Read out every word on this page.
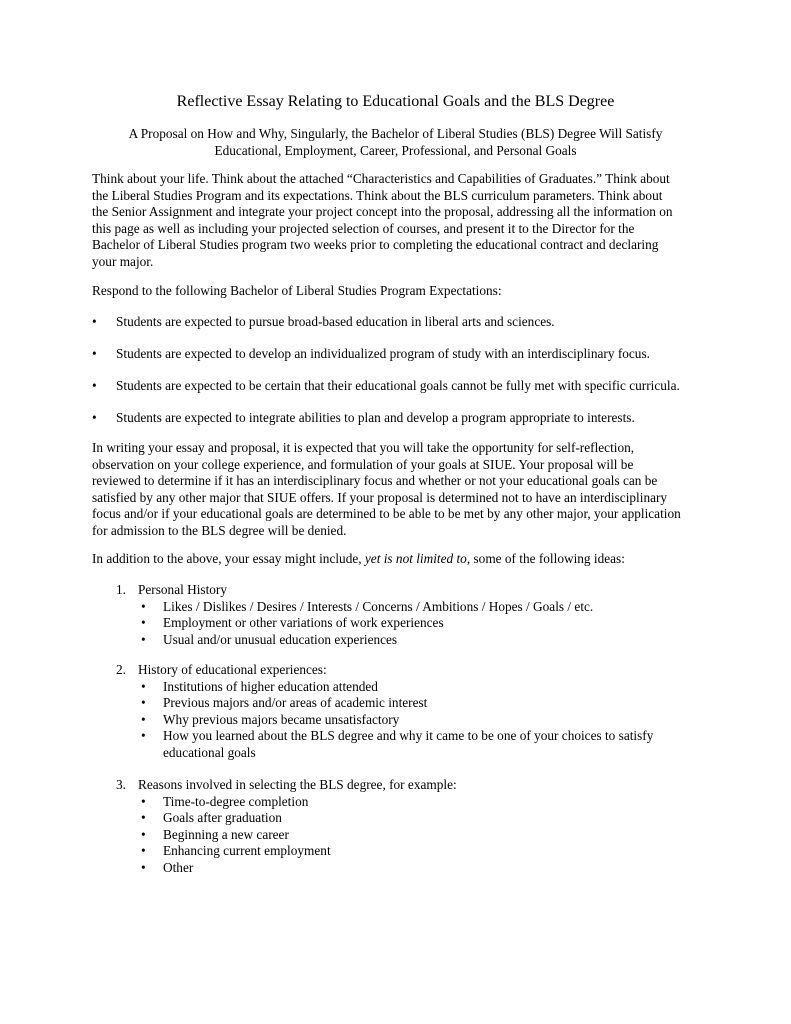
Reflective Essay Relating to Educational Goals and the BLS Degree
A Proposal on How and Why, Singularly, the Bachelor of Liberal Studies (BLS) Degree Will Satisfy
Educational, Employment, Career, Professional, and Personal Goals
Think about your life. Think about the attached “Characteristics and Capabilities of Graduates.” Think about
the Liberal Studies Program and its expectations. Think about the BLS curriculum parameters. Think about
the Senior Assignment and integrate your project concept into the proposal, addressing all the information on
this page as well as including your projected selection of courses, and present it to the Director for the
Bachelor of Liberal Studies program two weeks prior to completing the educational contract and declaring
your major.
Respond to the following Bachelor of Liberal Studies Program Expectations:
•	Students are expected to pursue broad-based education in liberal arts and sciences.
•	Students are expected to develop an individualized program of study with an interdisciplinary focus.
•	Students are expected to be certain that their educational goals cannot be fully met with specific curricula.
•	Students are expected to integrate abilities to plan and develop a program appropriate to interests.
In writing your essay and proposal, it is expected that you will take the opportunity for self-reflection,
observation on your college experience, and formulation of your goals at SIUE. Your proposal will be
reviewed to determine if it has an interdisciplinary focus and whether or not your educational goals can be
satisfied by any other major that SIUE offers. If your proposal is determined not to have an interdisciplinary
focus and/or if your educational goals are determined to be able to be met by any other major, your application
for admission to the BLS degree will be denied.
In addition to the above, your essay might include, yet is not limited to, some of the following ideas:
1. Personal History
• Likes / Dislikes / Desires / Interests / Concerns / Ambitions / Hopes / Goals / etc.
• Employment or other variations of work experiences
• Usual and/or unusual education experiences
2. History of educational experiences:
• Institutions of higher education attended
• Previous majors and/or areas of academic interest
• Why previous majors became unsatisfactory
• How you learned about the BLS degree and why it came to be one of your choices to satisfy
educational goals
3. Reasons involved in selecting the BLS degree, for example:
• Time-to-degree completion
• Goals after graduation
• Beginning a new career
• Enhancing current employment
• Other
